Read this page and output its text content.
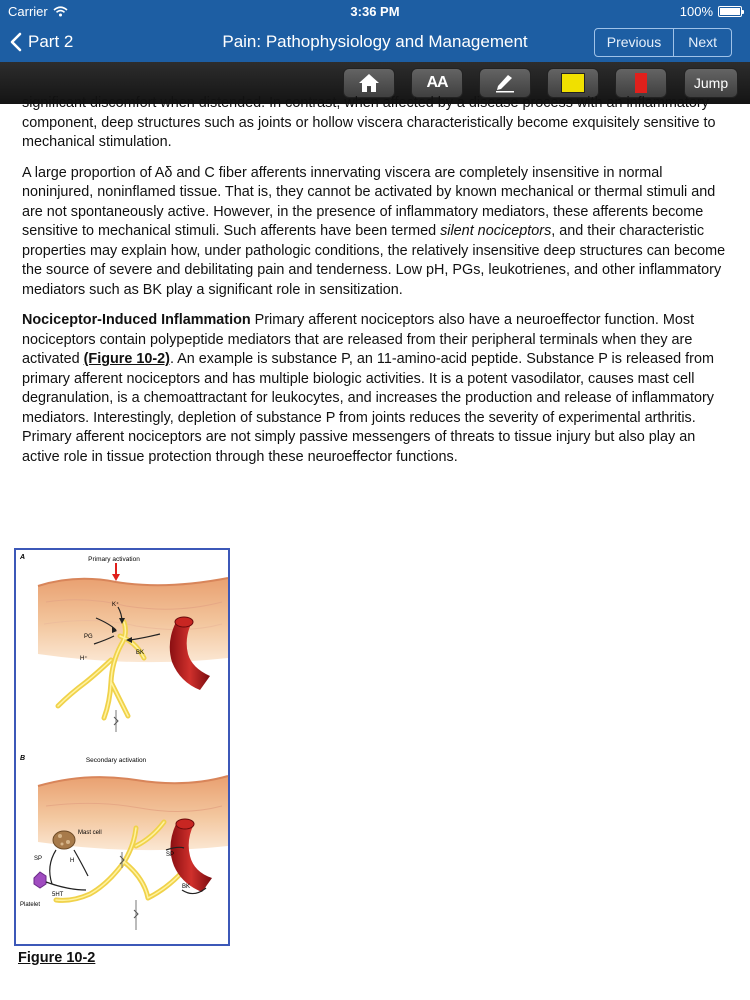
Carrier	3:36 PM	100%
Part 2	Pain: Pathophysiology and Management	Previous	Next
AA	Jump

significant discomfort when distended. In contrast, when affected by a disease process with an inflammatory component, deep structures such as joints or hollow viscera characteristically become exquisitely sensitive to mechanical stimulation.

A large proportion of Aδ and C fiber afferents innervating viscera are completely insensitive in normal noninjured, noninflamed tissue. That is, they cannot be activated by known mechanical or thermal stimuli and are not spontaneously active. However, in the presence of inflammatory mediators, these afferents become sensitive to mechanical stimuli. Such afferents have been termed silent nociceptors, and their characteristic properties may explain how, under pathologic conditions, the relatively insensitive deep structures can become the source of severe and debilitating pain and tenderness. Low pH, PGs, leukotrienes, and other inflammatory mediators such as BK play a significant role in sensitization.

Nociceptor-Induced Inflammation Primary afferent nociceptors also have a neuroeffector function. Most nociceptors contain polypeptide mediators that are released from their peripheral terminals when they are activated (Figure 10-2). An example is substance P, an 11-amino-acid peptide. Substance P is released from primary afferent nociceptors and has multiple biologic activities. It is a potent vasodilator, causes mast cell degranulation, is a chemoattractant for leukocytes, and increases the production and release of inflammatory mediators. Interestingly, depletion of substance P from joints reduces the severity of experimental arthritis. Primary afferent nociceptors are not simply passive messengers of threats to tissue injury but also play an active role in tissue protection through these neuroeffector functions.

A	Primary activation
K⁺
PG
H⁺
BK
B	Secondary activation
Mast cell
SP	H
SP
5HT
BK
Platelet
Figure 10-2
